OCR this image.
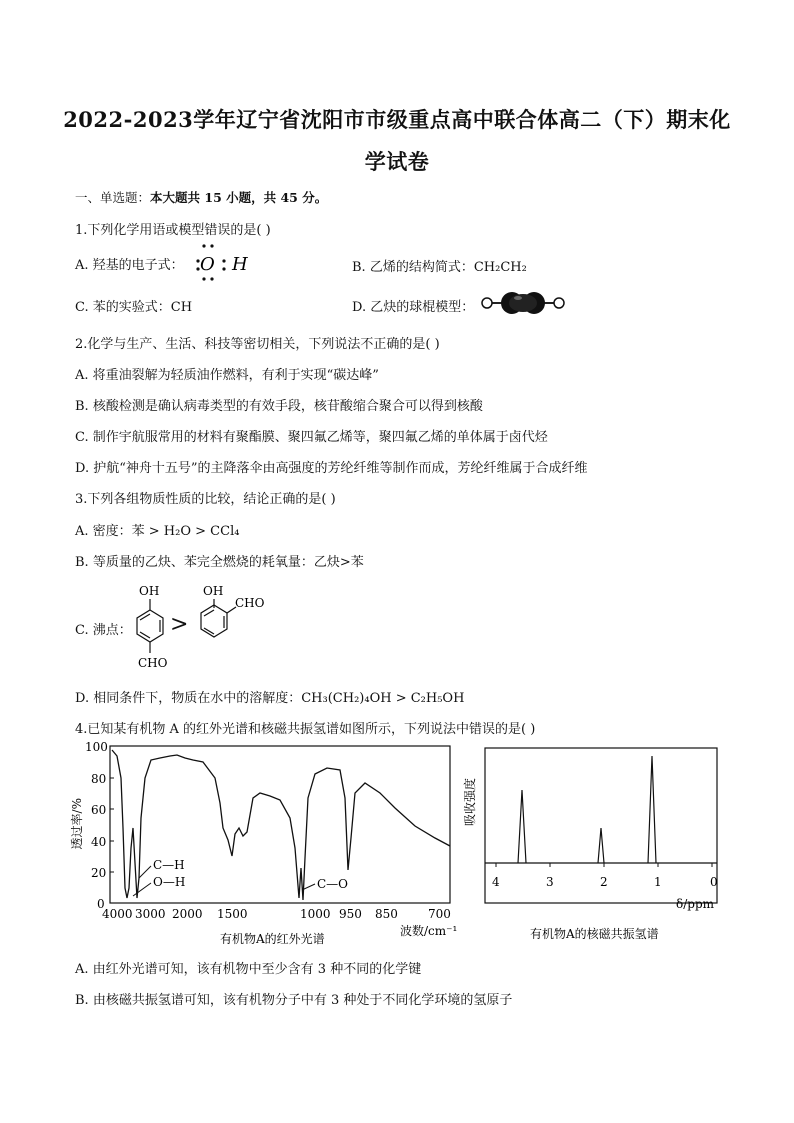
2022-2023学年辽宁省沈阳市市级重点高中联合体高二（下）期末化
学试卷
一、单选题：本大题共 15 小题，共 45 分。
1.下列化学用语或模型错误的是( )
A. 羟基的电子式： O H	B. 乙烯的结构简式：CH₂CH₂
C. 苯的实验式：CH	D. 乙炔的球棍模型：
2.化学与生产、生活、科技等密切相关，下列说法不正确的是( )
A. 将重油裂解为轻质油作燃料，有利于实现“碳达峰”
B. 核酸检测是确认病毒类型的有效手段，核苷酸缩合聚合可以得到核酸
C. 制作宇航服常用的材料有聚酯膜、聚四氟乙烯等，聚四氟乙烯的单体属于卤代烃
D. 护航“神舟十五号”的主降落伞由高强度的芳纶纤维等制作而成，芳纶纤维属于合成纤维
3.下列各组物质性质的比较，结论正确的是( )
A. 密度：苯 > H₂O > CCl₄
B. 等质量的乙炔、苯完全燃烧的耗氧量：乙炔>苯
C. 沸点：
OH
CHO
>
OH
CHO
D. 相同条件下，物质在水中的溶解度：CH₃(CH₂)₄OH > C₂H₅OH
4.已知某有机物 A 的红外光谱和核磁共振氢谱如图所示，下列说法中错误的是( )
100
80
60
40
20
0
透过率/%
4000 3000 2000 1500	1000 950 850	700
波数/cm⁻¹
有机物A的红外光谱
C—H
O—H	C—O
吸收强度
4	3	2	1	0
δ/ppm
有机物A的核磁共振氢谱
A. 由红外光谱可知，该有机物中至少含有 3 种不同的化学键
B. 由核磁共振氢谱可知，该有机物分子中有 3 种处于不同化学环境的氢原子
